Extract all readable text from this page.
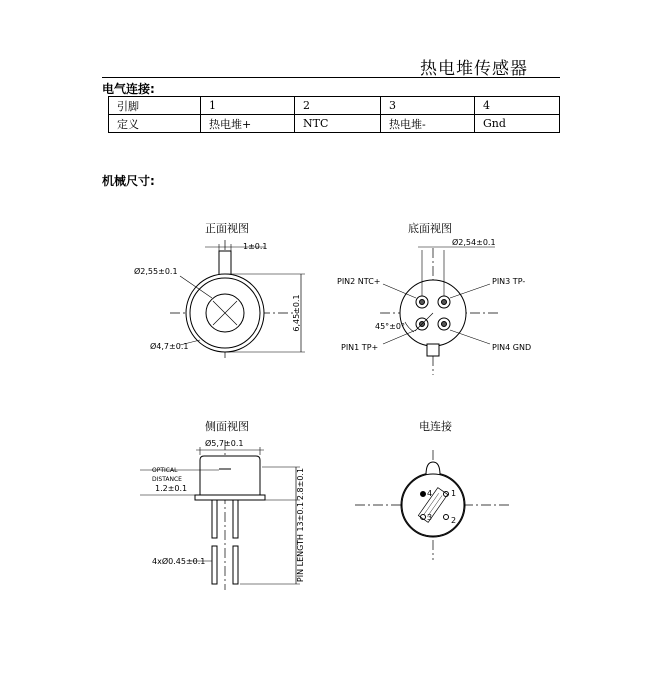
热电堆传感器
电气连接:
引脚	1	2	3	4
定义	热电堆+	NTC	热电堆-	Gnd
机械尺寸:
正面视图	底面视图
侧面视图	电连接
1±0.1
Ø2,55±0.1
Ø4,7±0.1
6,45±0.1
Ø2,54±0.1
PIN2 NTC+	PIN3 TP-
PIN1 TP+	PIN4 GND
45°±0°
Ø5,7±0.1
OPTICAL
DISTANCE
1.2±0.1
4xØ0.45±0.1
2.8±0.1
PIN LENGTH 13±0.1
4 1
3 2
